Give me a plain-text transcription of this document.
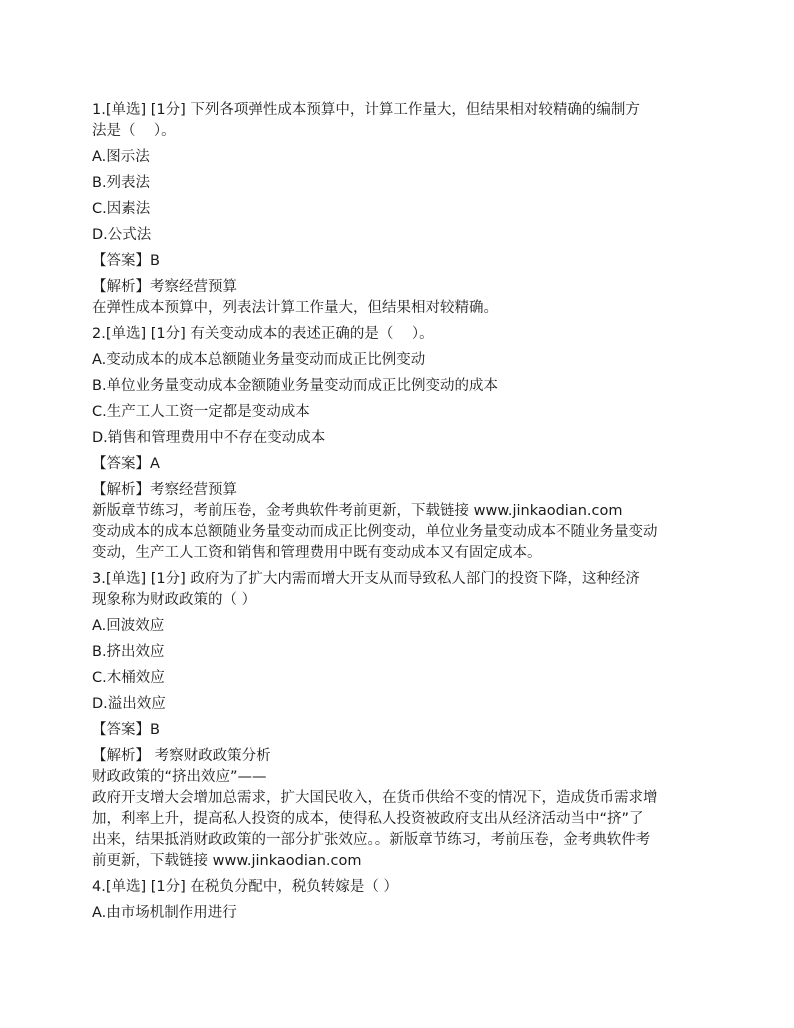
1.[单选] [1分] 下列各项弹性成本预算中，计算工作量大，但结果相对较精确的编制方
法是（    ）。
A.图示法
B.列表法
C.因素法
D.公式法
【答案】B
【解析】考察经营预算
在弹性成本预算中，列表法计算工作量大，但结果相对较精确。
2.[单选] [1分] 有关变动成本的表述正确的是（    ）。
A.变动成本的成本总额随业务量变动而成正比例变动
B.单位业务量变动成本金额随业务量变动而成正比例变动的成本
C.生产工人工资一定都是变动成本
D.销售和管理费用中不存在变动成本
【答案】A
【解析】考察经营预算
新版章节练习，考前压卷，金考典软件考前更新，下载链接 www.jinkaodian.com
变动成本的成本总额随业务量变动而成正比例变动，单位业务量变动成本不随业务量变动
变动，生产工人工资和销售和管理费用中既有变动成本又有固定成本。
3.[单选] [1分] 政府为了扩大内需而增大开支从而导致私人部门的投资下降，这种经济
现象称为财政政策的（ ）
A.回波效应
B.挤出效应
C.木桶效应
D.溢出效应
【答案】B
【解析】 考察财政政策分析
财政政策的“挤出效应”——
政府开支增大会增加总需求，扩大国民收入，在货币供给不变的情况下，造成货币需求增
加，利率上升，提高私人投资的成本，使得私人投资被政府支出从经济活动当中“挤”了
出来，结果抵消财政政策的一部分扩张效应。。新版章节练习，考前压卷，金考典软件考
前更新，下载链接 www.jinkaodian.com
4.[单选] [1分] 在税负分配中，税负转嫁是（ ）
A.由市场机制作用进行
